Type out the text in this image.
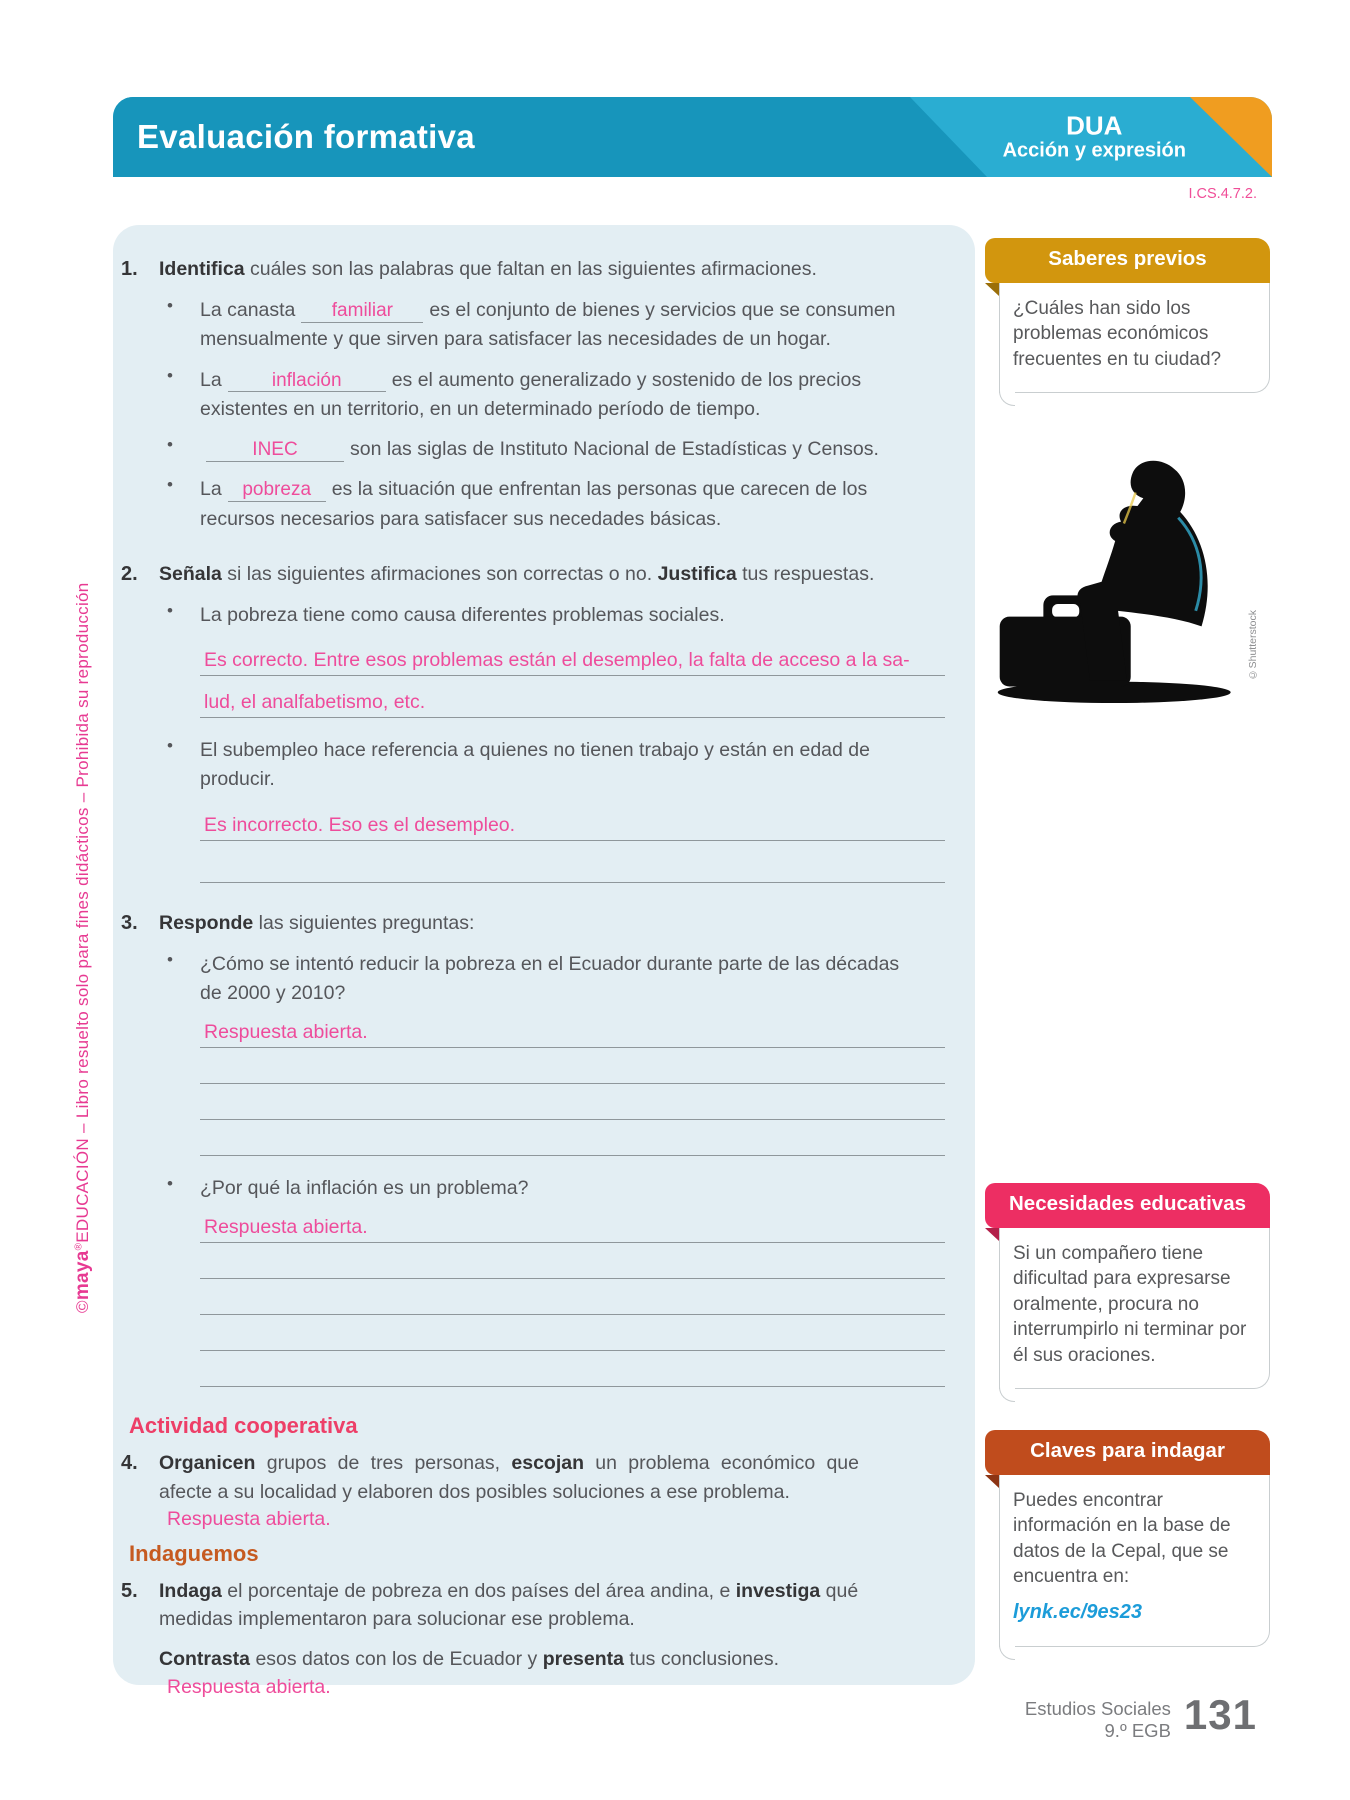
Evaluación formativa	DUA
Acción y expresión
I.CS.4.7.2.
©maya®EDUCACIÓN – Libro resuelto solo para fines didácticos – Prohibida su reproducción
1.	Identifica cuáles son las palabras que faltan en las siguientes afirmaciones.
•
La canasta familiar es el conjunto de bienes y servicios que se consumen mensualmente y que sirven para satisfacer las necesidades de un hogar.
•
La	inflación	es el aumento generalizado y sostenido de los precios existentes en un territorio, en un determinado período de tiempo.
•
INEC	son las siglas de Instituto Nacional de Estadísticas y Censos.
•
La pobreza es la situación que enfrentan las personas que carecen de los recursos necesarios para satisfacer sus necedades básicas.
2.	Señala si las siguientes afirmaciones son correctas o no. Justifica tus respuestas.
•
La pobreza tiene como causa diferentes problemas sociales.
Es correcto. Entre esos problemas están el desempleo, la falta de acceso a la sa-
lud, el analfabetismo, etc.
•
El subempleo hace referencia a quienes no tienen trabajo y están en edad de producir.
Es incorrecto. Eso es el desempleo.
3.	Responde las siguientes preguntas:
•
¿Cómo se intentó reducir la pobreza en el Ecuador durante parte de las décadas de 2000 y 2010?
Respuesta abierta.
•
¿Por qué la inflación es un problema?
Respuesta abierta.
Actividad cooperativa
4.	Organicen grupos de tres personas, escojan un problema económico que afecte a su localidad y elaboren dos posibles soluciones a ese problema.
Respuesta abierta.
Indaguemos
5.	Indaga el porcentaje de pobreza en dos países del área andina, e investiga qué medidas implementaron para solucionar ese problema.
Contrasta esos datos con los de Ecuador y presenta tus conclusiones.
Respuesta abierta.
Saberes previos
¿Cuáles han sido los problemas económicos frecuentes en tu ciudad?
©Shutterstock
Necesidades educativas
Si un compañero tiene dificultad para expresarse oralmente, procura no interrumpirlo ni terminar por él sus oraciones.
Claves para indagar
Puedes encontrar información en la base de datos de la Cepal, que se encuentra en:
lynk.ec/9es23
Estudios Sociales
9.º EGB 131
